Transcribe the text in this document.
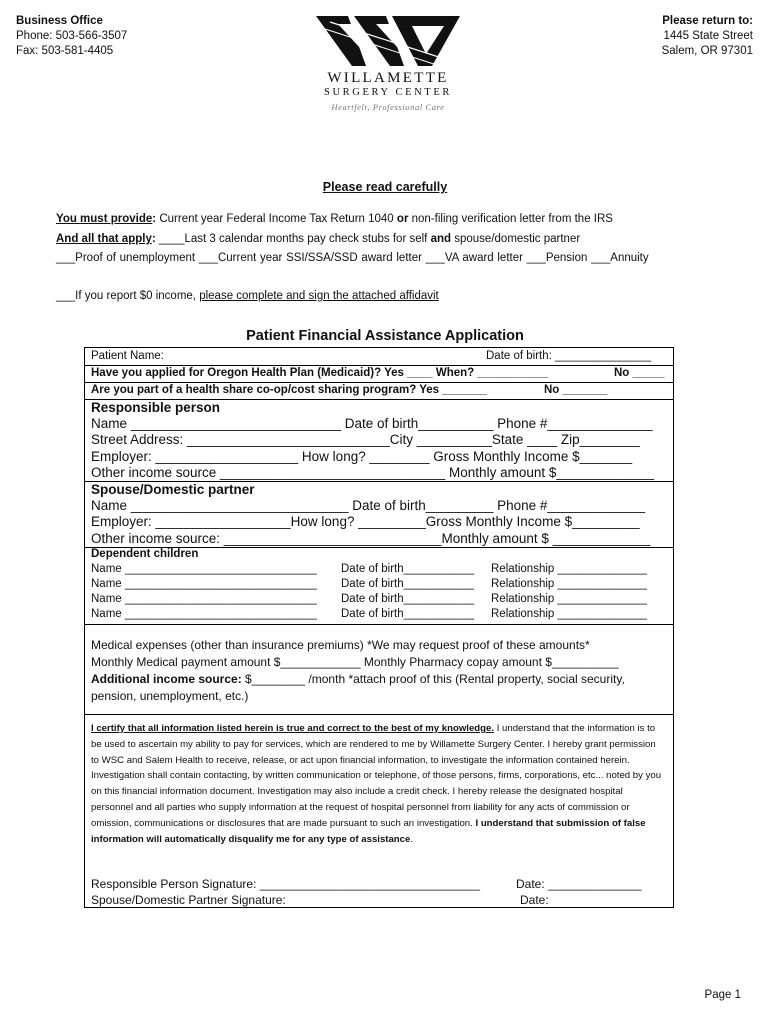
Business Office
Phone: 503-566-3507
Fax: 503-581-4405
WILLAMETTE
SURGERY CENTER
Heartfelt, Professional Care
Please return to:
1445 State Street
Salem, OR 97301
Please read carefully
You must provide: Current year Federal Income Tax Return 1040 or non-filing verification letter from the IRS
And all that apply: ____Last 3 calendar months pay check stubs for self and spouse/domestic partner
___Proof of unemployment ___Current year SSI/SSA/SSD award letter ___VA award letter ___Pension ___Annuity
___If you report $0 income, please complete and sign the attached affidavit
Patient Financial Assistance Application
Patient Name:	Date of birth: _______________
Have you applied for Oregon Health Plan (Medicaid)? Yes ____ When? ___________	No _____
Are you part of a health share co-op/cost sharing program? Yes _______	No _______
Responsible person
Name ____________________________ Date of birth__________ Phone #______________
Street Address: ___________________________City __________State ____ Zip________
Employer: ___________________ How long? ________ Gross Monthly Income $_______
Other income source ______________________________ Monthly amount $_____________
Spouse/Domestic partner
Name _____________________________ Date of birth_________ Phone #_____________
Employer: __________________How long? _________Gross Monthly Income $_________
Other income source: _____________________________Monthly amount $ _____________
Dependent children
Name ______________________________ Date of birth___________ Relationship ______________
Name ______________________________ Date of birth___________ Relationship ______________
Name ______________________________ Date of birth___________ Relationship ______________
Name ______________________________ Date of birth___________ Relationship ______________
Medical expenses (other than insurance premiums) *We may request proof of these amounts*
Monthly Medical payment amount $____________ Monthly Pharmacy copay amount $__________
Additional income source: $________ /month *attach proof of this (Rental property, social security,
pension, unemployment, etc.)
I certify that all information listed herein is true and correct to the best of my knowledge. I understand that the information is to be used to ascertain my ability to pay for services, which are rendered to me by Willamette Surgery Center. I hereby grant permission to WSC and Salem Health to receive, release, or act upon financial information, to investigate the information contained herein. Investigation shall contain contacting, by written communication or telephone, of those persons, firms, corporations, etc... noted by you on this financial information document. Investigation may also include a credit check. I hereby release the designated hospital personnel and all parties who supply information at the request of hospital personnel from liability for any acts of commission or omission, communications or disclosures that are made pursuant to such an investigation. I understand that submission of false information will automatically disqualify me for any type of assistance.
Responsible Person Signature: _________________________________	Date: ______________
Spouse/Domestic Partner Signature:	Date:
Page 1
